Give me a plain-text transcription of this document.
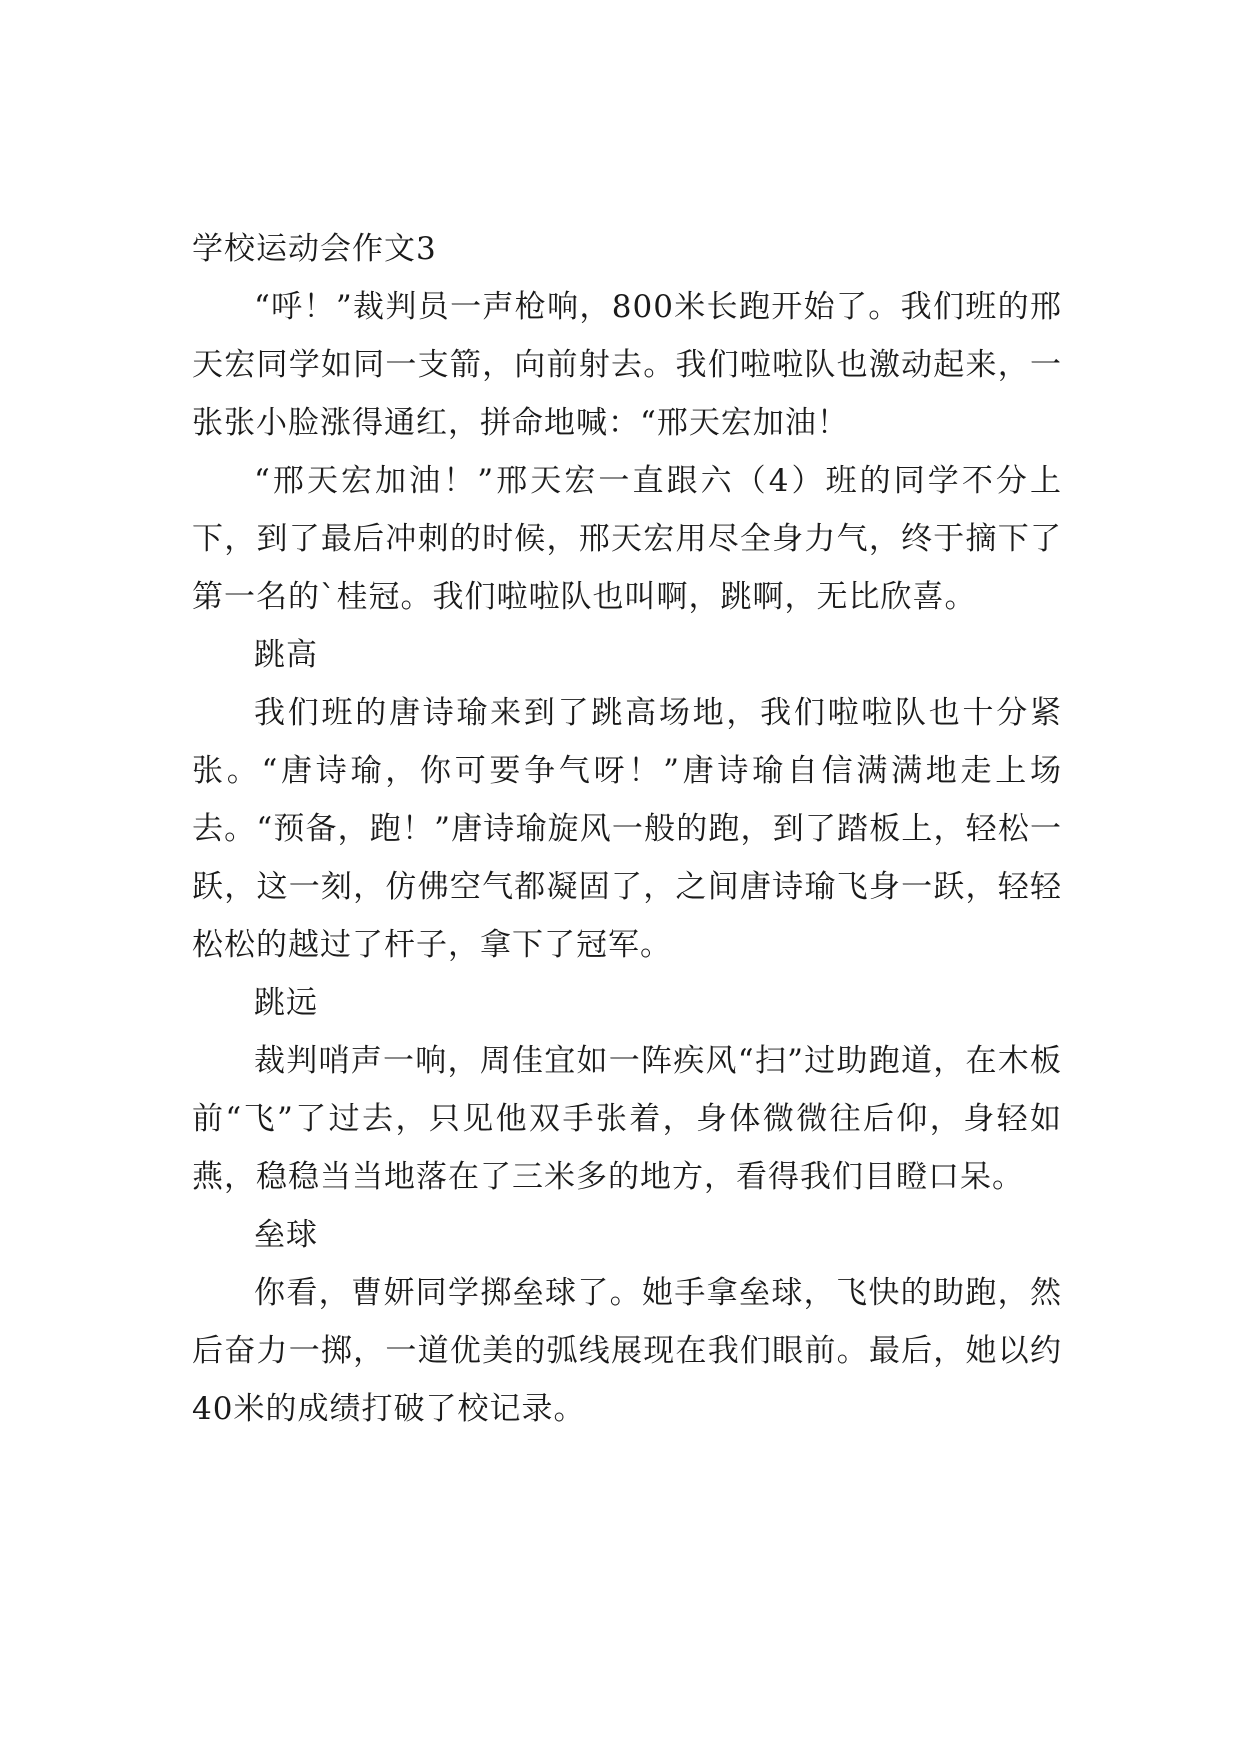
学校运动会作文3

“呼！”裁判员一声枪响，800米长跑开始了。我们班的邢天宏同学如同一支箭，向前射去。我们啦啦队也激动起来，一张张小脸涨得通红，拼命地喊：“邢天宏加油！

“邢天宏加油！”邢天宏一直跟六（4）班的同学不分上下，到了最后冲刺的时候，邢天宏用尽全身力气，终于摘下了第一名的`桂冠。我们啦啦队也叫啊，跳啊，无比欣喜。

跳高

我们班的唐诗瑜来到了跳高场地，我们啦啦队也十分紧张。“唐诗瑜，你可要争气呀！”唐诗瑜自信满满地走上场去。“预备，跑！”唐诗瑜旋风一般的跑，到了踏板上，轻松一跃，这一刻，仿佛空气都凝固了，之间唐诗瑜飞身一跃，轻轻松松的越过了杆子，拿下了冠军。

跳远

裁判哨声一响，周佳宜如一阵疾风“扫”过助跑道，在木板前“飞”了过去，只见他双手张着，身体微微往后仰，身轻如燕，稳稳当当地落在了三米多的地方，看得我们目瞪口呆。

垒球

你看，曹妍同学掷垒球了。她手拿垒球，飞快的助跑，然后奋力一掷，一道优美的弧线展现在我们眼前。最后，她以约40米的成绩打破了校记录。
